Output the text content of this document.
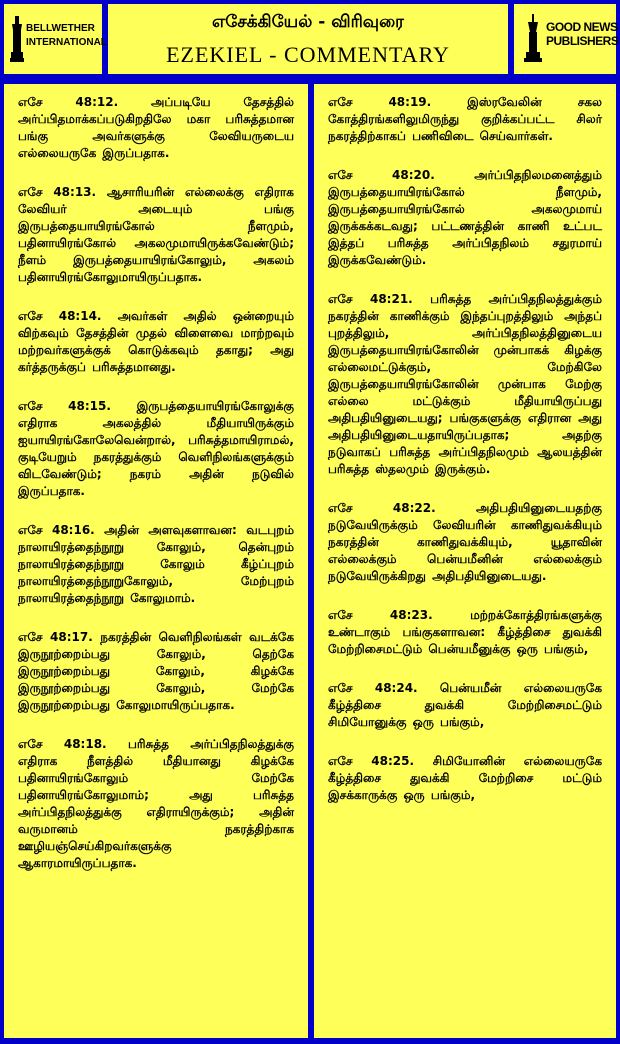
BELLWETHER
INTERNATIONAL
எசேக்கியேல் - விரிவுரை
EZEKIEL - COMMENTARY
GOOD NEWS
PUBLISHERS

எசே 48:12. அப்படியே தேசத்தில் அர்ப்பிதமாக்கப்படுகிறதிலே மகா பரிசுத்தமான பங்கு அவர்களுக்கு லேவியருடைய எல்லையருகே இருப்பதாக.

எசே 48:13. ஆசாரியரின் எல்லைக்கு எதிராக லேவியர் அடையும் பங்கு இருபத்தையாயிரங்கோல் நீளமும், பதினாயிரங்கோல் அகலமுமாயிருக்கவேண்டும்; நீளம் இருபத்தையாயிரங்கோலும், அகலம் பதினாயிரங்கோலுமாயிருப்பதாக.

எசே 48:14. அவர்கள் அதில் ஒன்றையும் விற்கவும் தேசத்தின் முதல் விளைவை மாற்றவும் மற்றவர்களுக்குக் கொடுக்கவும் தகாது; அது கர்த்தருக்குப் பரிசுத்தமானது.

எசே 48:15. இருபத்தையாயிரங்கோலுக்கு எதிராக அகலத்தில் மீதியாயிருக்கும் ஐயாயிரங்கோலேவென்றால், பரிசுத்தமாயிராமல், குடியேறும் நகரத்துக்கும் வெளிநிலங்களுக்கும் விடவேண்டும்; நகரம் அதின் நடுவில் இருப்பதாக.

எசே 48:16. அதின் அளவுகளாவன: வடபுறம் நாலாயிரத்தைந்நூறு கோலும், தென்புறம் நாலாயிரத்தைந்நூறு கோலும் கீழ்ப்புறம் நாலாயிரத்தைந்நூறுகோலும், மேற்புறம் நாலாயிரத்தைந்நூறு கோலுமாம்.

எசே 48:17. நகரத்தின் வெளிநிலங்கள் வடக்கே இருநூற்றைம்பது கோலும், தெற்கே இருநூற்றைம்பது கோலும், கிழக்கே இருநூற்றைம்பது கோலும், மேற்கே இருநூற்றைம்பது கோலுமாயிருப்பதாக.

எசே 48:18. பரிசுத்த அர்ப்பிதநிலத்துக்கு எதிராக நீளத்தில் மீதியானது கிழக்கே பதினாயிரங்கோலும் மேற்கே பதினாயிரங்கோலுமாம்; அது பரிசுத்த அர்ப்பிதநிலத்துக்கு எதிராயிருக்கும்; அதின் வருமானம் நகரத்திற்காக ஊழியஞ்செய்கிறவர்களுக்கு ஆகாரமாயிருப்பதாக.

எசே 48:19. இஸ்ரவேலின் சகல கோத்திரங்களிலுமிருந்து குறிக்கப்பட்ட சிலர் நகரத்திற்காகப் பணிவிடை செய்வார்கள்.

எசே 48:20. அர்ப்பிதநிலமனைத்தும் இருபத்தையாயிரங்கோல் நீளமும், இருபத்தையாயிரங்கோல் அகலமுமாய் இருக்கக்கடவது; பட்டணத்தின் காணி உட்பட இத்தப் பரிசுத்த அர்ப்பிதநிலம் சதுரமாய் இருக்கவேண்டும்.

எசே 48:21. பரிசுத்த அர்ப்பிதநிலத்துக்கும் நகரத்தின் காணிக்கும் இந்தப்புறத்திலும் அந்தப் புறத்திலும், அர்ப்பிதநிலத்தினுடைய இருபத்தையாயிரங்கோலின் முன்பாகக் கிழக்கு எல்லைமட்டுக்கும், மேற்கிலே இருபத்தையாயிரங்கோலின் முன்பாக மேற்கு எல்லை மட்டுக்கும் மீதியாயிருப்பது அதிபதியினுடையது; பங்குகளுக்கு எதிரான அது அதிபதியினுடையதாயிருப்பதாக; அதற்கு நடுவாகப் பரிசுத்த அர்ப்பிதநிலமும் ஆலயத்தின் பரிசுத்த ஸ்தலமும் இருக்கும்.

எசே 48:22. அதிபதியினுடையதற்கு நடுவேயிருக்கும் லேவியரின் காணிதுவக்கியும் நகரத்தின் காணிதுவக்கியும், யூதாவின் எல்லைக்கும் பென்யமீனின் எல்லைக்கும் நடுவேயிருக்கிறது அதிபதியினுடையது.

எசே 48:23. மற்றக்கோத்திரங்களுக்கு உண்டாகும் பங்குகளாவன: கீழ்த்திசை துவக்கி மேற்றிசைமட்டும் பென்யமீனுக்கு ஒரு பங்கும்,

எசே 48:24. பென்யமீன் எல்லையருகே கீழ்த்திசை துவக்கி மேற்றிசைமட்டும் சிமியோனுக்கு ஒரு பங்கும்,

எசே 48:25. சிமியோனின் எல்லையருகே கீழ்த்திசை துவக்கி மேற்றிசை மட்டும் இசக்காருக்கு ஒரு பங்கும்,
